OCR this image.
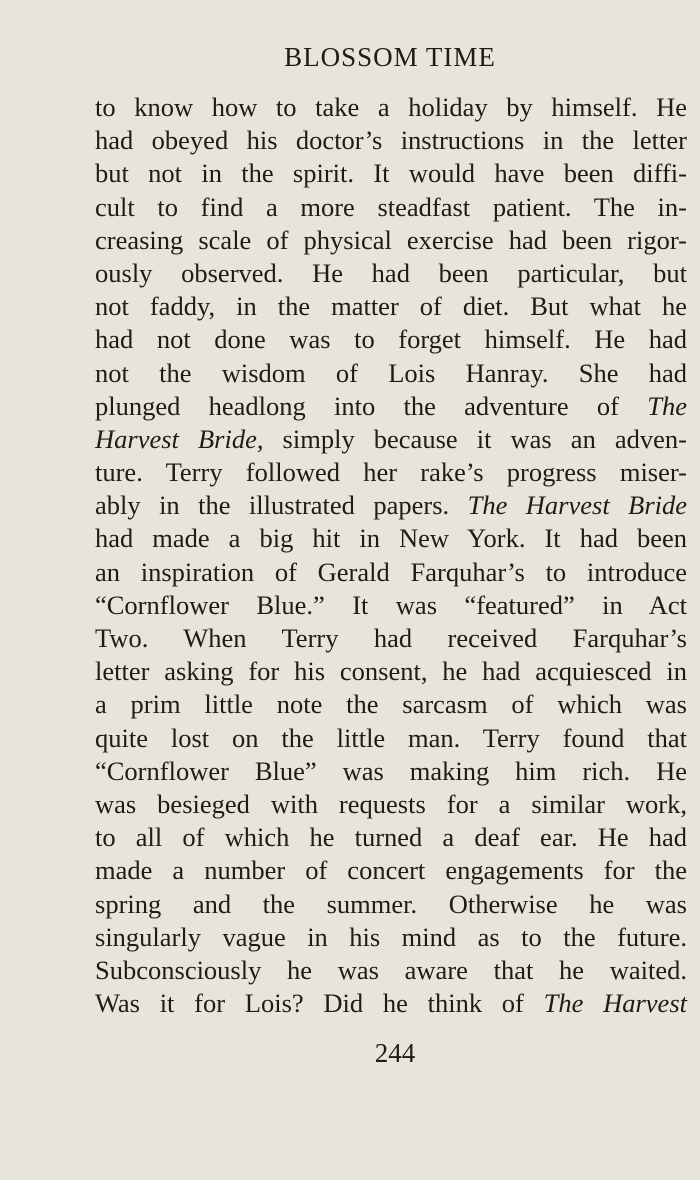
BLOSSOM TIME
to know how to take a holiday by himself. He
had obeyed his doctor’s instructions in the letter
but not in the spirit. It would have been diffi-
cult to find a more steadfast patient. The in-
creasing scale of physical exercise had been rigor-
ously observed. He had been particular, but
not faddy, in the matter of diet. But what he
had not done was to forget himself. He had
not the wisdom of Lois Hanray. She had
plunged headlong into the adventure of The
Harvest Bride, simply because it was an adven-
ture. Terry followed her rake’s progress miser-
ably in the illustrated papers. The Harvest Bride
had made a big hit in New York. It had been
an inspiration of Gerald Farquhar’s to introduce
“Cornflower Blue.” It was “featured” in Act
Two. When Terry had received Farquhar’s
letter asking for his consent, he had acquiesced in
a prim little note the sarcasm of which was
quite lost on the little man. Terry found that
“Cornflower Blue” was making him rich. He
was besieged with requests for a similar work,
to all of which he turned a deaf ear. He had
made a number of concert engagements for the
spring and the summer. Otherwise he was
singularly vague in his mind as to the future.
Subconsciously he was aware that he waited.
Was it for Lois? Did he think of The Harvest
244
